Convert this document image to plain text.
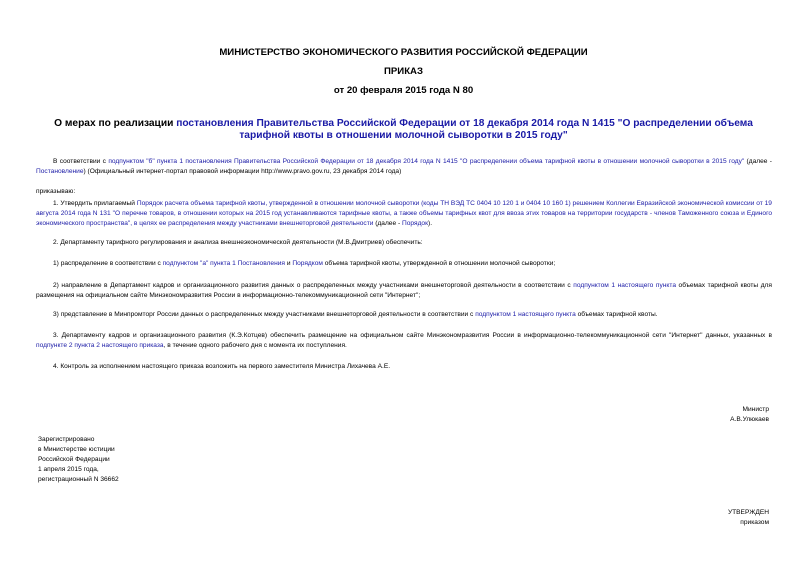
МИНИСТЕРСТВО ЭКОНОМИЧЕСКОГО РАЗВИТИЯ РОССИЙСКОЙ ФЕДЕРАЦИИ
ПРИКАЗ
от 20 февраля 2015 года N 80
О мерах по реализации постановления Правительства Российской Федерации от 18 декабря 2014 года N 1415 "О распределении объема тарифной квоты в отношении молочной сыворотки в 2015 году"
В соответствии с подпунктом "б" пункта 1 постановления Правительства Российской Федерации от 18 декабря 2014 года N 1415 "О распределении объема тарифной квоты в отношении молочной сыворотки в 2015 году" (далее - Постановление) (Официальный интернет-портал правовой информации http://www.pravo.gov.ru, 23 декабря 2014 года)
приказываю:
1. Утвердить прилагаемый Порядок расчета объема тарифной квоты, утвержденной в отношении молочной сыворотки (коды ТН ВЭД ТС 0404 10 120 1 и 0404 10 160 1) решением Коллегии Евразийской экономической комиссии от 19 августа 2014 года N 131 "О перечне товаров, в отношении которых на 2015 год устанавливаются тарифные квоты, а также объемы тарифных квот для ввоза этих товаров на территории государств - членов Таможенного союза и Единого экономического пространства", в целях ее распределения между участниками внешнеторговой деятельности (далее - Порядок).
2. Департаменту тарифного регулирования и анализа внешнеэкономической деятельности (М.В.Дмитриев) обеспечить:
1) распределение в соответствии с подпунктом "а" пункта 1 Постановления и Порядком объема тарифной квоты, утвержденной в отношении молочной сыворотки;
2) направление в Департамент кадров и организационного развития данных о распределенных между участниками внешнеторговой деятельности в соответствии с подпунктом 1 настоящего пункта объемах тарифной квоты для размещения на официальном сайте Минэкономразвития России в информационно-телекоммуникационной сети "Интернет";
3) представление в Минпромторг России данных о распределенных между участниками внешнеторговой деятельности в соответствии с подпунктом 1 настоящего пункта объемах тарифной квоты.
3. Департаменту кадров и организационного развития (К.Э.Котцев) обеспечить размещение на официальном сайте Минэкономразвития России в информационно-телекоммуникационной сети "Интернет" данных, указанных в подпункте 2 пункта 2 настоящего приказа, в течение одного рабочего дня с момента их поступления.
4. Контроль за исполнением настоящего приказа возложить на первого заместителя Министра Лихачева А.Е.
Министр
А.В.Улюкаев
Зарегистрировано
в Министерстве юстиции
Российской Федерации
1 апреля 2015 года,
регистрационный N 36662
УТВЕРЖДЕН
приказом
